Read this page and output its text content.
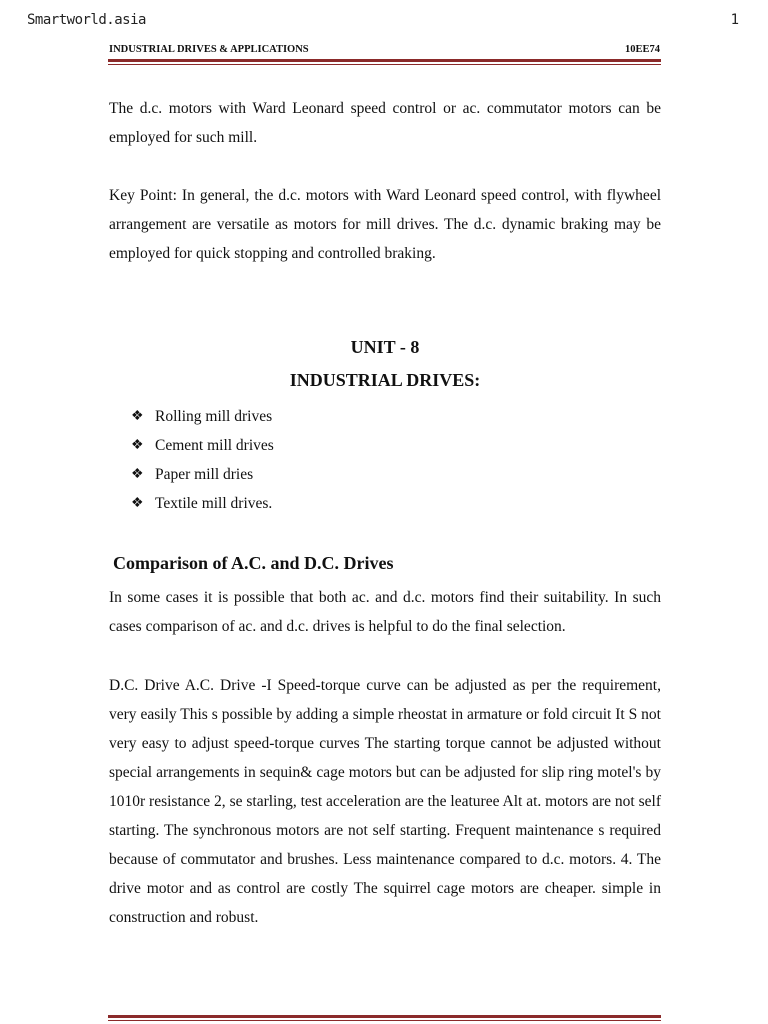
Smartworld.asia	1
INDUSTRIAL DRIVES & APPLICATIONS	10EE74

The d.c. motors with Ward Leonard speed control or ac. commutator motors can be employed for such mill.

Key Point: In general, the d.c. motors with Ward Leonard speed control, with flywheel arrangement are versatile as motors for mill drives. The d.c. dynamic braking may be employed for quick stopping and controlled braking.

UNIT - 8
INDUSTRIAL DRIVES:
❖ Rolling mill drives
❖ Cement mill drives
❖ Paper mill dries
❖ Textile mill drives.
Comparison of A.C. and D.C. Drives

In some cases it is possible that both ac. and d.c. motors find their suitability. In such cases comparison of ac. and d.c. drives is helpful to do the final selection.

D.C. Drive A.C. Drive -I Speed-torque curve can be adjusted as per the requirement, very easily This s possible by adding a simple rheostat in armature or fold circuit It S not very easy to adjust speed-torque curves The starting torque cannot be adjusted without special arrangements in sequin& cage motors but can be adjusted for slip ring motel's by 1010r resistance 2, se starling, test acceleration are the leaturee Alt at. motors are not self starting. The synchronous motors are not self starting. Frequent maintenance s required because of commutator and brushes. Less maintenance compared to d.c. motors. 4. The drive motor and as control are costly The squirrel cage motors are cheaper. simple in construction and robust.
